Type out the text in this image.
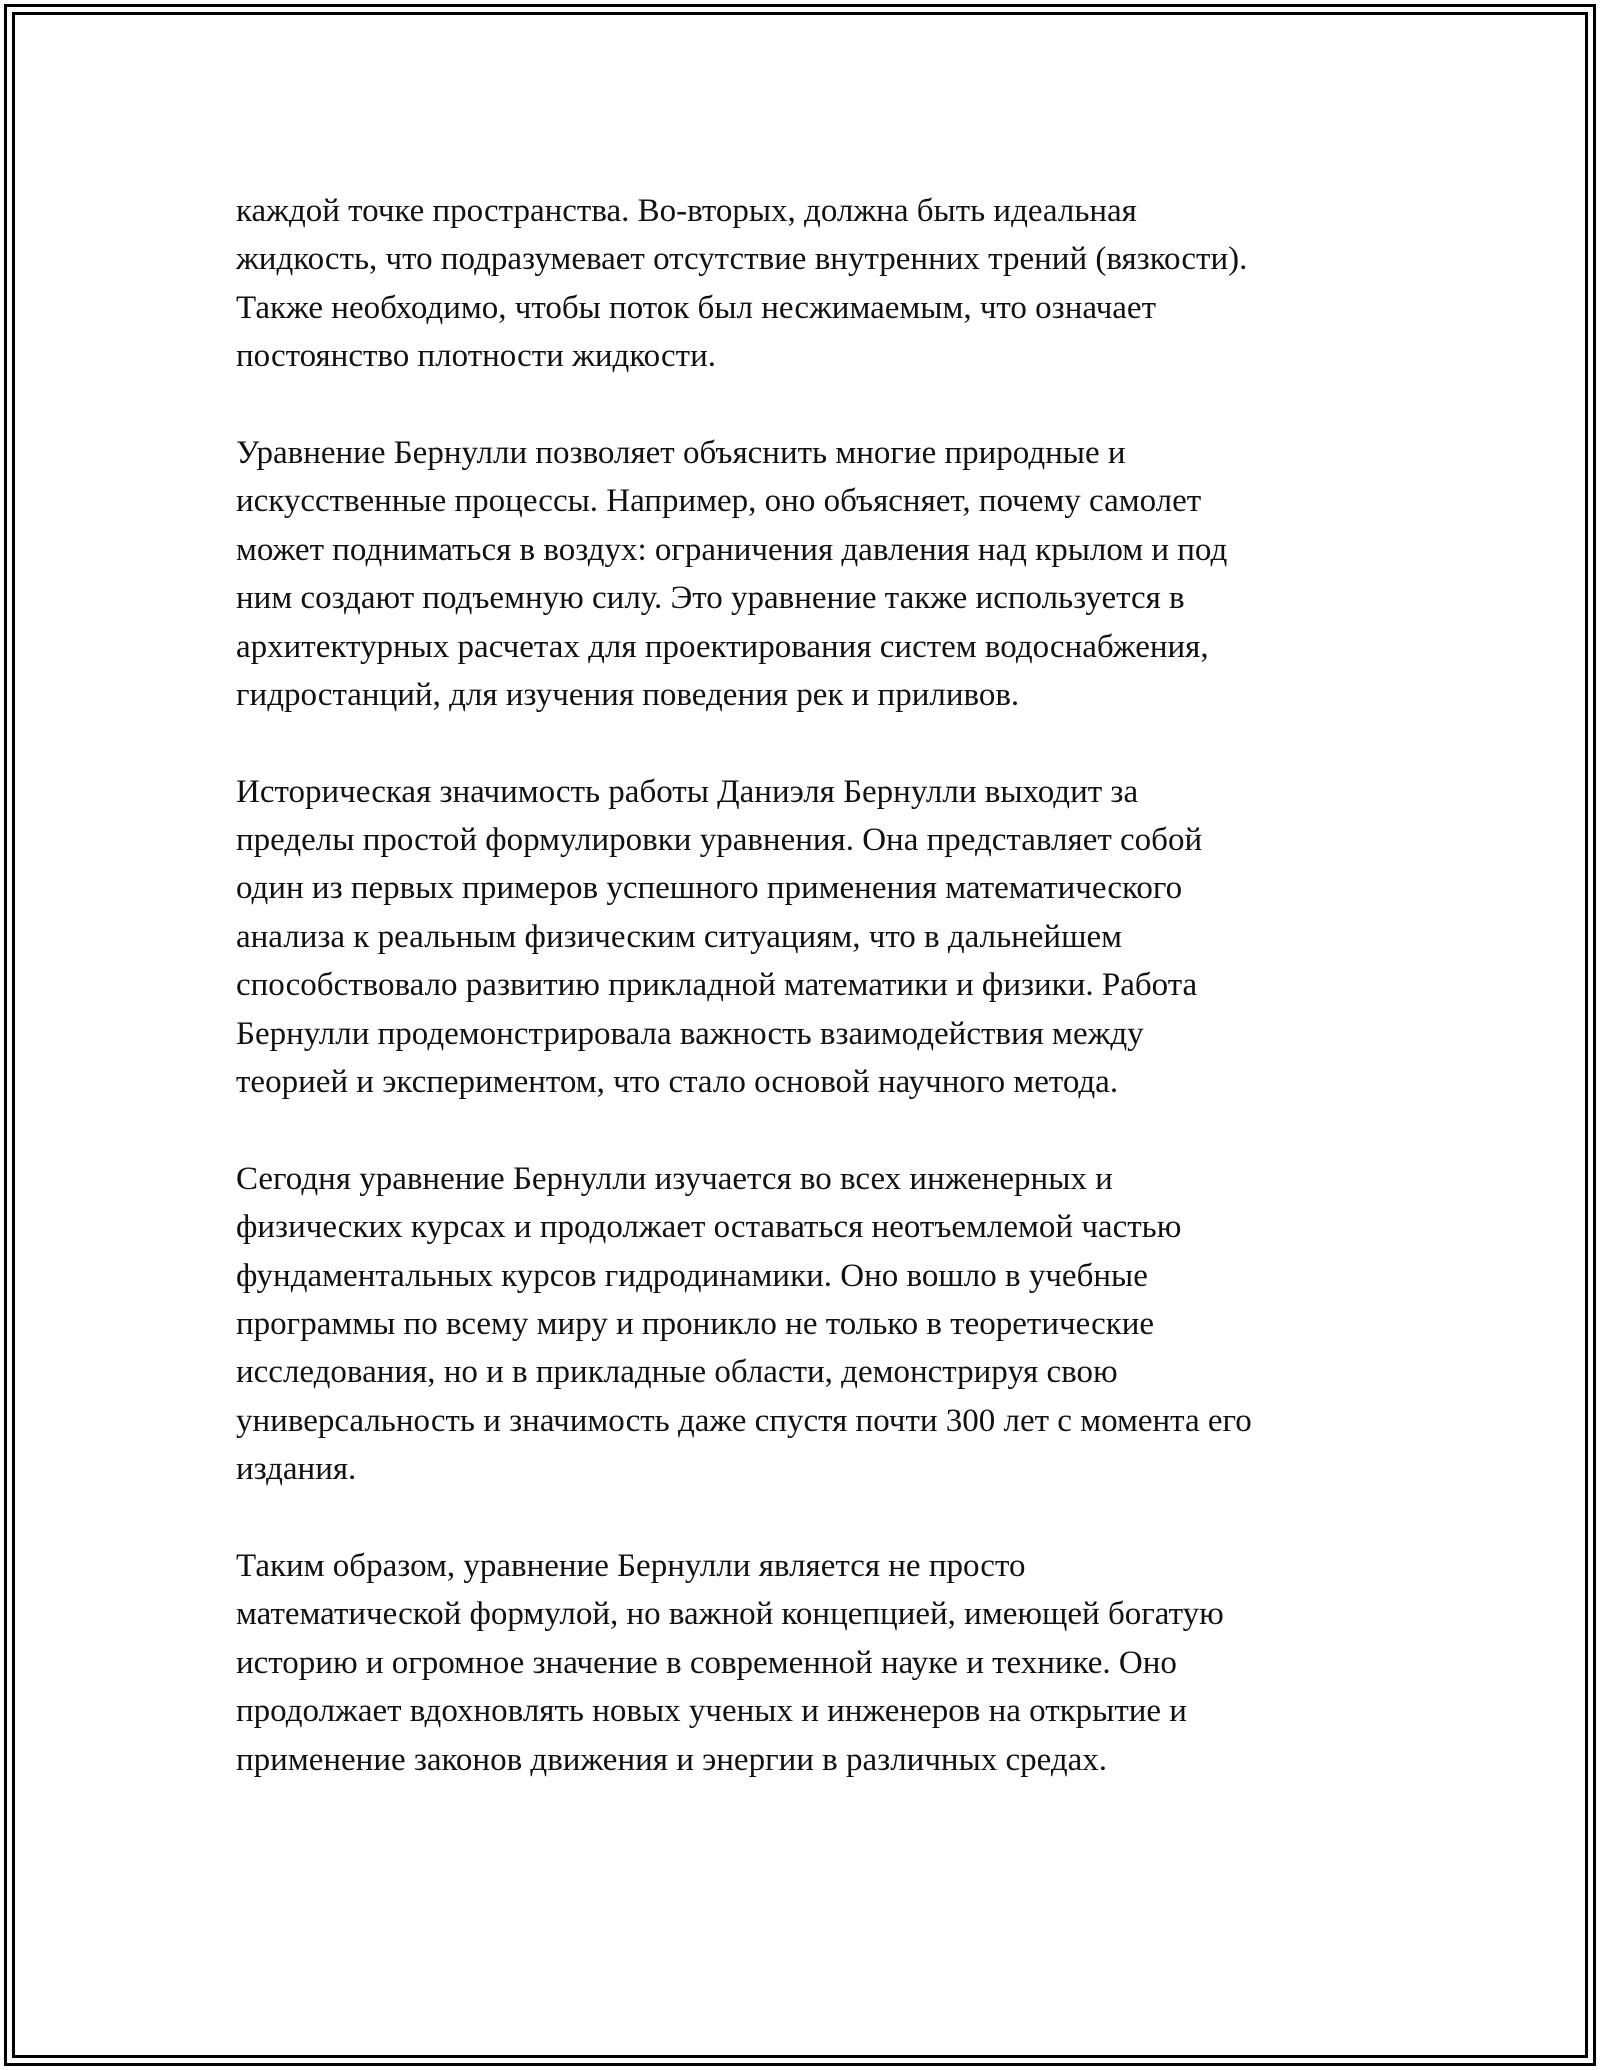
каждой точке пространства. Во-вторых, должна быть идеальная
жидкость, что подразумевает отсутствие внутренних трений (вязкости).
Также необходимо, чтобы поток был несжимаемым, что означает
постоянство плотности жидкости.

Уравнение Бернулли позволяет объяснить многие природные и
искусственные процессы. Например, оно объясняет, почему самолет
может подниматься в воздух: ограничения давления над крылом и под
ним создают подъемную силу. Это уравнение также используется в
архитектурных расчетах для проектирования систем водоснабжения,
гидростанций, для изучения поведения рек и приливов.

Историческая значимость работы Даниэля Бернулли выходит за
пределы простой формулировки уравнения. Она представляет собой
один из первых примеров успешного применения математического
анализа к реальным физическим ситуациям, что в дальнейшем
способствовало развитию прикладной математики и физики. Работа
Бернулли продемонстрировала важность взаимодействия между
теорией и экспериментом, что стало основой научного метода.

Сегодня уравнение Бернулли изучается во всех инженерных и
физических курсах и продолжает оставаться неотъемлемой частью
фундаментальных курсов гидродинамики. Оно вошло в учебные
программы по всему миру и проникло не только в теоретические
исследования, но и в прикладные области, демонстрируя свою
универсальность и значимость даже спустя почти 300 лет с момента его
издания.

Таким образом, уравнение Бернулли является не просто
математической формулой, но важной концепцией, имеющей богатую
историю и огромное значение в современной науке и технике. Оно
продолжает вдохновлять новых ученых и инженеров на открытие и
применение законов движения и энергии в различных средах.
